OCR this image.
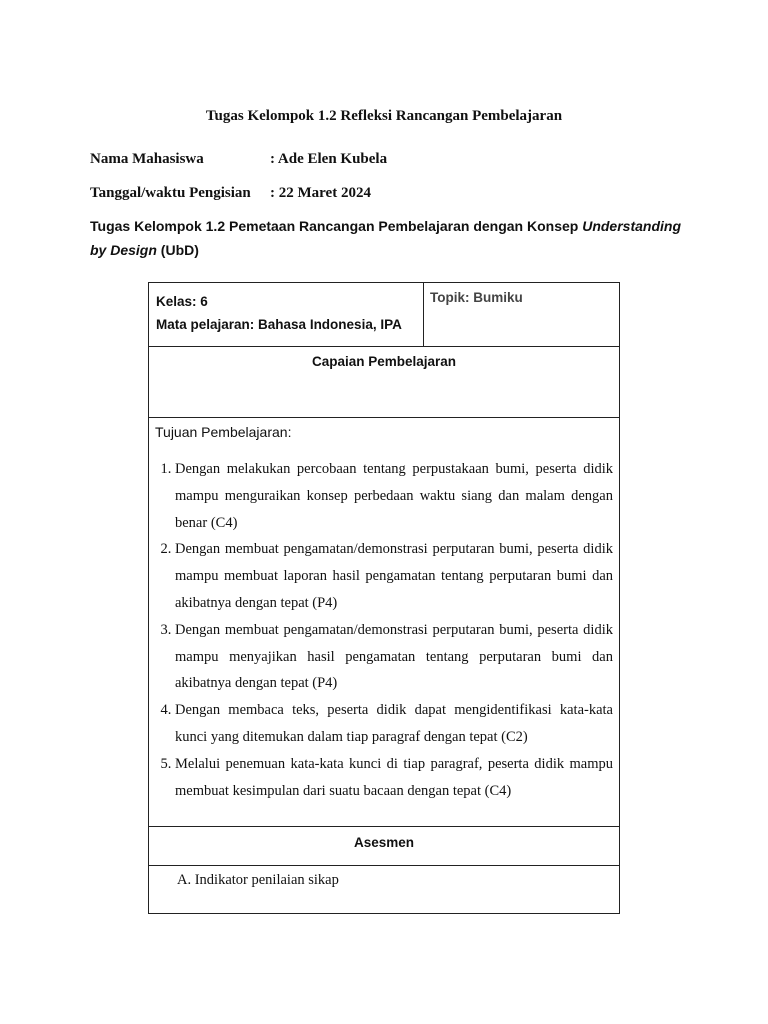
Tugas Kelompok 1.2 Refleksi Rancangan Pembelajaran
Nama Mahasiswa	: Ade Elen Kubela
Tanggal/waktu Pengisian : 22 Maret 2024
Tugas Kelompok 1.2 Pemetaan Rancangan Pembelajaran dengan Konsep Understanding by Design (UbD)
Kelas: 6
Mata pelajaran: Bahasa Indonesia, IPA
Topik: Bumiku
Capaian Pembelajaran
Tujuan Pembelajaran:
1. Dengan melakukan percobaan tentang perpustakaan bumi, peserta didik mampu menguraikan konsep perbedaan waktu siang dan malam dengan benar (C4)
2. Dengan membuat pengamatan/demonstrasi perputaran bumi, peserta didik mampu membuat laporan hasil pengamatan tentang perputaran bumi dan akibatnya dengan tepat (P4)
3. Dengan membuat pengamatan/demonstrasi perputaran bumi, peserta didik mampu menyajikan hasil pengamatan tentang perputaran bumi dan akibatnya dengan tepat (P4)
4. Dengan membaca teks, peserta didik dapat mengidentifikasi kata-kata kunci yang ditemukan dalam tiap paragraf dengan tepat (C2)
5. Melalui penemuan kata-kata kunci di tiap paragraf, peserta didik mampu membuat kesimpulan dari suatu bacaan dengan tepat (C4)
Asesmen
A. Indikator penilaian sikap
